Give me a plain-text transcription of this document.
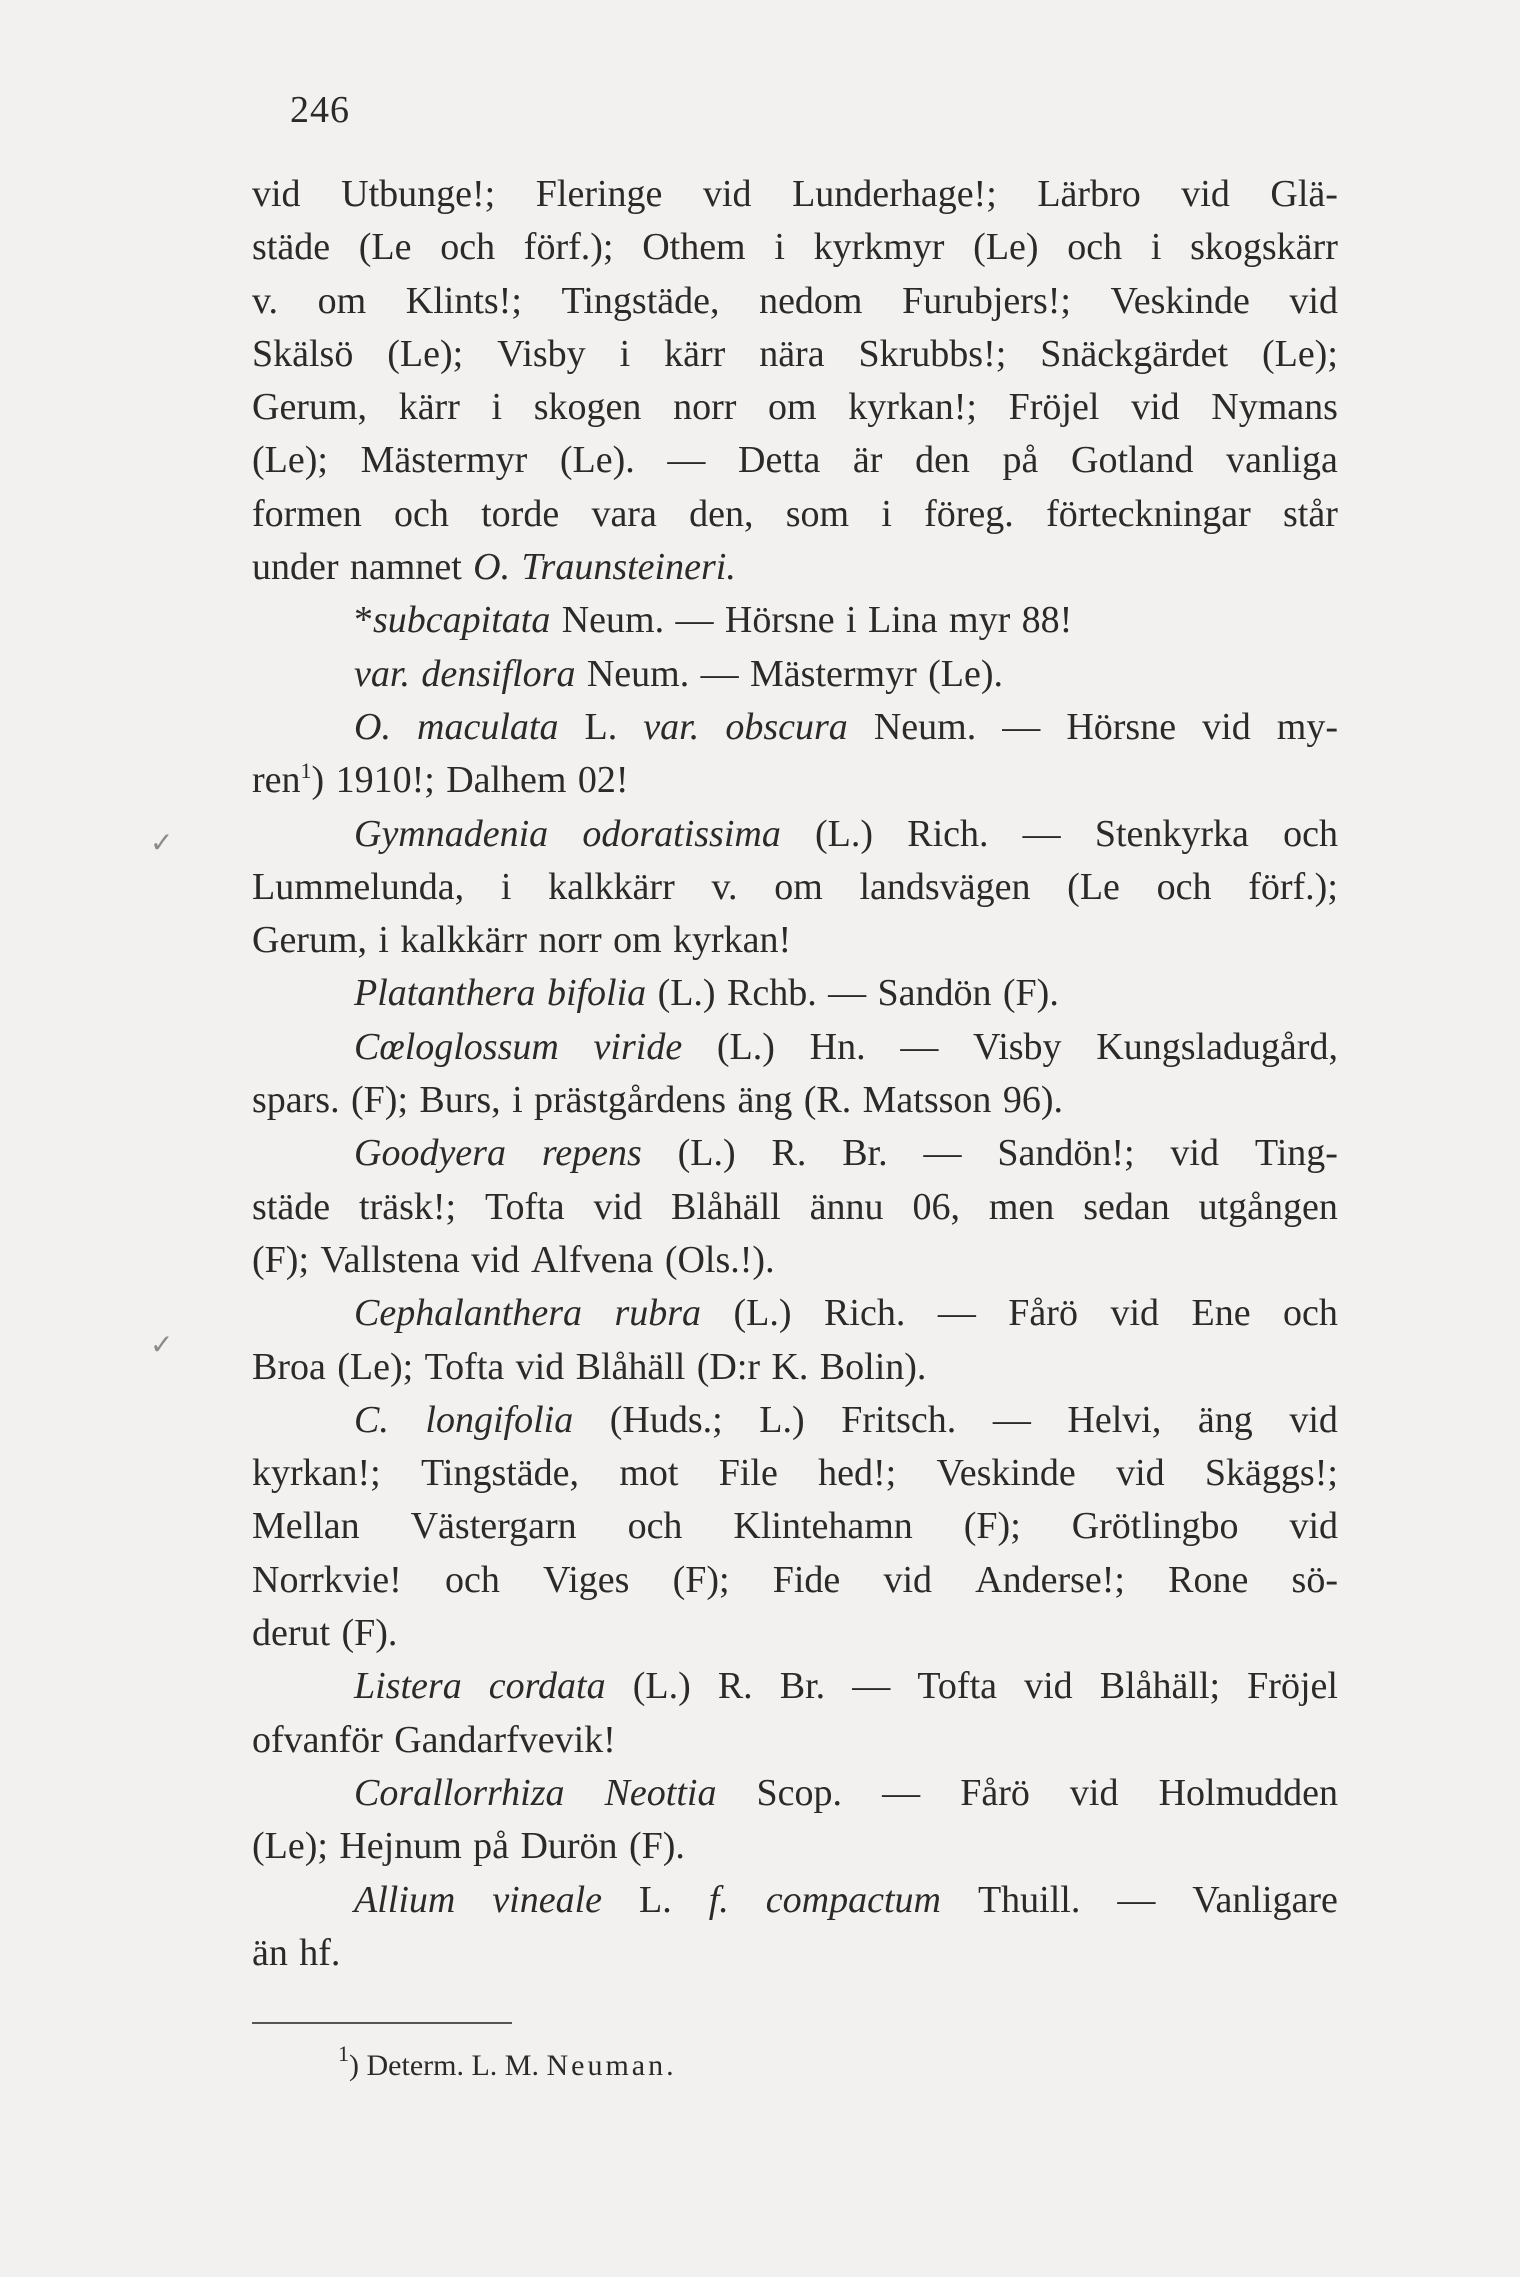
246
vid Utbunge!; Fleringe vid Lunderhage!; Lärbro vid Glä-
städe (Le och förf.); Othem i kyrkmyr (Le) och i skogskärr
v. om Klints!; Tingstäde, nedom Furubjers!; Veskinde vid
Skälsö (Le); Visby i kärr nära Skrubbs!; Snäckgärdet (Le);
Gerum, kärr i skogen norr om kyrkan!; Fröjel vid Nymans
(Le); Mästermyr (Le). — Detta är den på Gotland vanliga
formen och torde vara den, som i föreg. förteckningar står
under namnet O. Traunsteineri.
*subcapitata Neum. — Hörsne i Lina myr 88!
var. densiflora Neum. — Mästermyr (Le).
O. maculata L. var. obscura Neum. — Hörsne vid my-
ren$^1$) 1910!; Dalhem 02!
Gymnadenia odoratissima (L.) Rich. — Stenkyrka och
Lummelunda, i kalkkärr v. om landsvägen (Le och förf.);
Gerum, i kalkkärr norr om kyrkan!
Platanthera bifolia (L.) Rchb. — Sandön (F).
Cœloglossum viride (L.) Hn. — Visby Kungsladugård,
spars. (F); Burs, i prästgårdens äng (R. Matsson 96).
Goodyera repens (L.) R. Br. — Sandön!; vid Ting-
städe träsk!; Tofta vid Blåhäll ännu 06, men sedan utgången
(F); Vallstena vid Alfvena (Ols.!).
Cephalanthera rubra (L.) Rich. — Fårö vid Ene och
Broa (Le); Tofta vid Blåhäll (D:r K. Bolin).
C. longifolia (Huds.; L.) Fritsch. — Helvi, äng vid
kyrkan!; Tingstäde, mot File hed!; Veskinde vid Skäggs!;
Mellan Västergarn och Klintehamn (F); Grötlingbo vid
Norrkvie! och Viges (F); Fide vid Anderse!; Rone sö-
derut (F).
Listera cordata (L.) R. Br. — Tofta vid Blåhäll; Fröjel
ofvanför Gandarfvevik!
Corallorrhiza Neottia Scop. — Fårö vid Holmudden
(Le); Hejnum på Durön (F).
Allium vineale L. f. compactum Thuill. — Vanligare
än hf.
$^1$) Determ. L. M. Neuman.
✓
✓
